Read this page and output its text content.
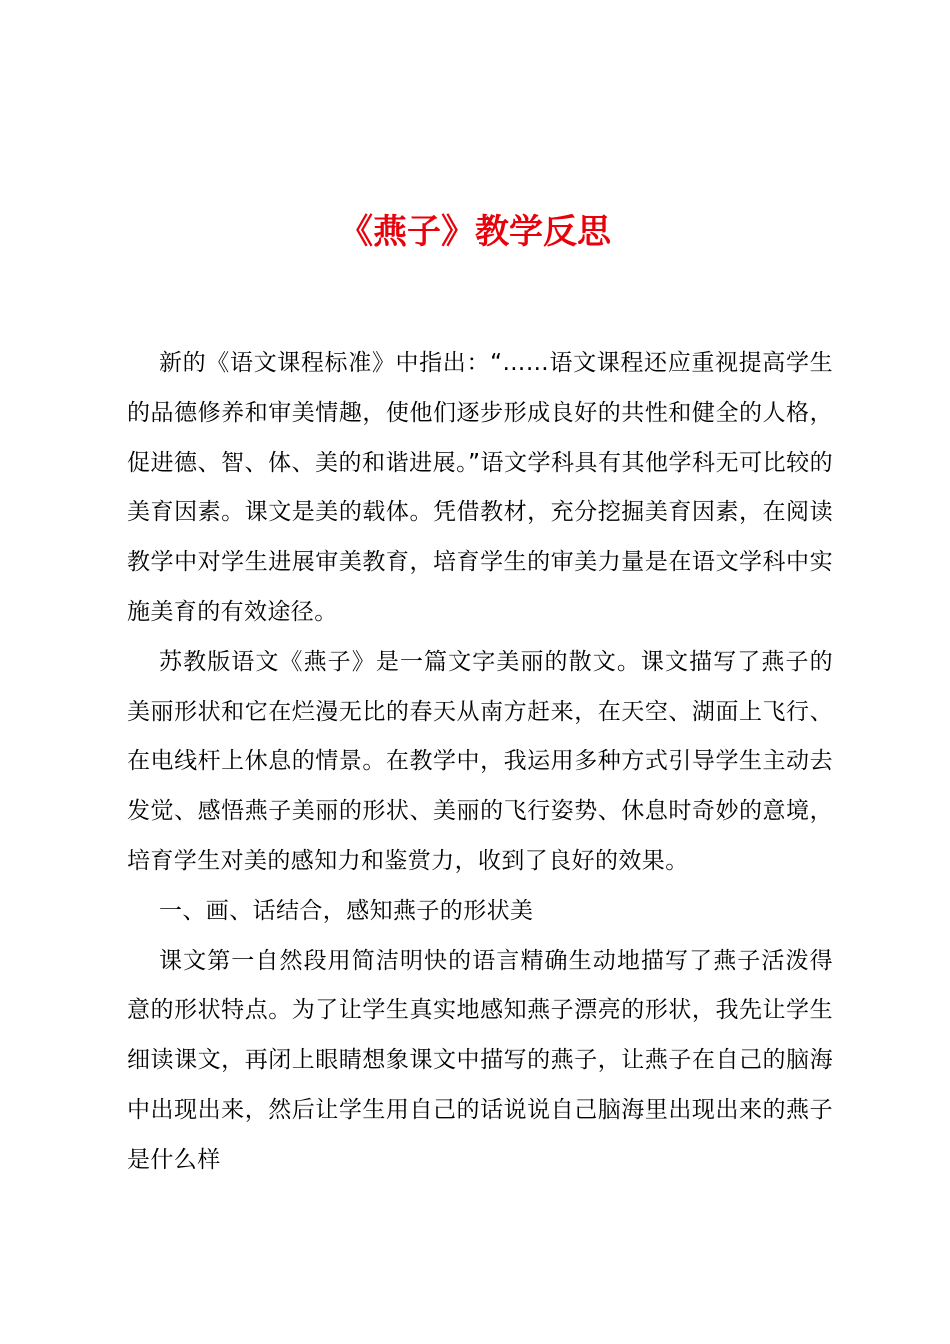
《燕子》教学反思

新的《语文课程标准》中指出：“……语文课程还应重视提高学生的品德修养和审美情趣，使他们逐步形成良好的共性和健全的人格，促进德、智、体、美的和谐进展。”语文学科具有其他学科无可比较的美育因素。课文是美的载体。凭借教材，充分挖掘美育因素，在阅读教学中对学生进展审美教育，培育学生的审美力量是在语文学科中实施美育的有效途径。

苏教版语文《燕子》是一篇文字美丽的散文。课文描写了燕子的美丽形状和它在烂漫无比的春天从南方赶来，在天空、湖面上飞行、在电线杆上休息的情景。在教学中，我运用多种方式引导学生主动去发觉、感悟燕子美丽的形状、美丽的飞行姿势、休息时奇妙的意境，培育学生对美的感知力和鉴赏力，收到了良好的效果。

一、画、话结合，感知燕子的形状美

课文第一自然段用简洁明快的语言精确生动地描写了燕子活泼得意的形状特点。为了让学生真实地感知燕子漂亮的形状，我先让学生细读课文，再闭上眼睛想象课文中描写的燕子，让燕子在自己的脑海中出现出来，然后让学生用自己的话说说自己脑海里出现出来的燕子是什么样
